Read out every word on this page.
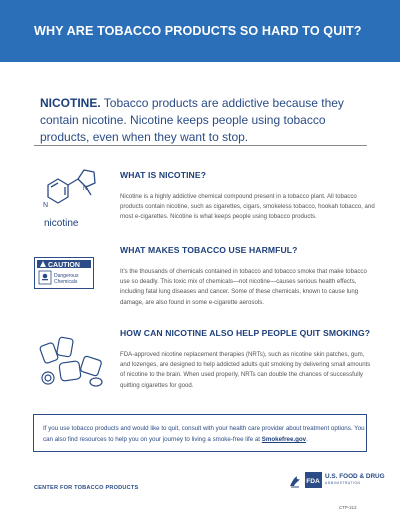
WHY ARE TOBACCO PRODUCTS SO HARD TO QUIT?
NICOTINE. Tobacco products are addictive because they contain nicotine. Nicotine keeps people using tobacco products, even when they want to stop.
N
N
nicotine
CAUTION
Dangerous
Chemicals

WHAT IS NICOTINE?

Nicotine is a highly addictive chemical compound present in a tobacco plant. All tobacco products contain nicotine, such as cigarettes, cigars, smokeless tobacco, hookah tobacco, and most e-cigarettes. Nicotine is what keeps people using tobacco products.

WHAT MAKES TOBACCO USE HARMFUL?

It’s the thousands of chemicals contained in tobacco and tobacco smoke that make tobacco use so deadly. This toxic mix of chemicals—not nicotine—causes serious health effects, including fatal lung diseases and cancer. Some of these chemicals, known to cause lung damage, are also found in some e-cigarette aerosols.

HOW CAN NICOTINE ALSO HELP PEOPLE QUIT SMOKING?

FDA-approved nicotine replacement therapies (NRTs), such as nicotine skin patches, gum, and lozenges, are designed to help addicted adults quit smoking by delivering small amounts of nicotine to the brain. When used properly, NRTs can double the chances of successfully quitting cigarettes for good.

If you use tobacco products and would like to quit, consult with your health care provider about treatment options. You can also find resources to help you on your journey to living a smoke-free life at Smokefree.gov.
CENTER FOR TOBACCO PRODUCTS
FDA
U.S. FOOD & DRUG
ADMINISTRATION
CTP-212
